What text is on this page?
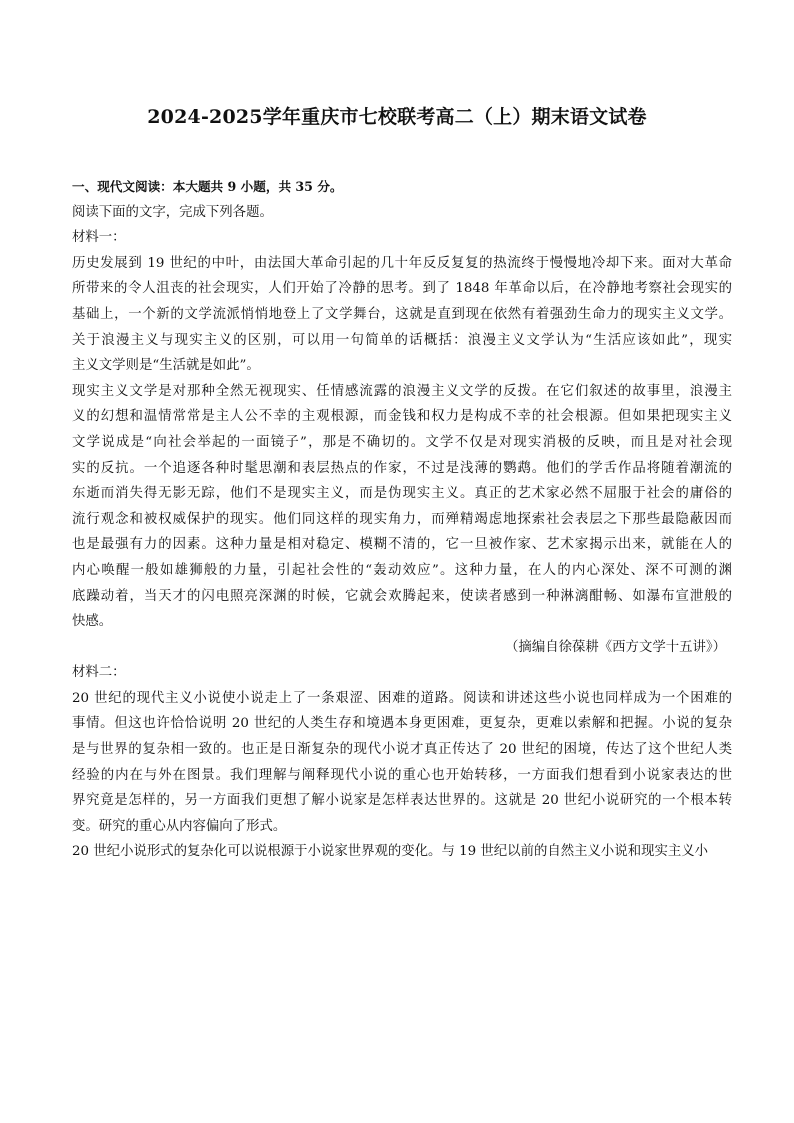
2024-2025学年重庆市七校联考高二（上）期末语文试卷
一、现代文阅读：本大题共 9 小题，共 35 分。
阅读下面的文字，完成下列各题。
材料一：
历史发展到 19 世纪的中叶，由法国大革命引起的几十年反反复复的热流终于慢慢地冷却下来。面对大革命
所带来的令人沮丧的社会现实，人们开始了冷静的思考。到了 1848 年革命以后，在冷静地考察社会现实的
基础上，一个新的文学流派悄悄地登上了文学舞台，这就是直到现在依然有着强劲生命力的现实主义文学。
关于浪漫主义与现实主义的区别，可以用一句简单的话概括：浪漫主义文学认为“生活应该如此”，现实
主义文学则是“生活就是如此”。
现实主义文学是对那种全然无视现实、任情感流露的浪漫主义文学的反拨。在它们叙述的故事里，浪漫主
义的幻想和温情常常是主人公不幸的主观根源，而金钱和权力是构成不幸的社会根源。但如果把现实主义
文学说成是“向社会举起的一面镜子”，那是不确切的。文学不仅是对现实消极的反映，而且是对社会现
实的反抗。一个追逐各种时髦思潮和表层热点的作家，不过是浅薄的鹦鹉。他们的学舌作品将随着潮流的
东逝而消失得无影无踪，他们不是现实主义，而是伪现实主义。真正的艺术家必然不屈服于社会的庸俗的
流行观念和被权威保护的现实。他们同这样的现实角力，而殚精竭虑地探索社会表层之下那些最隐蔽因而
也是最强有力的因素。这种力量是相对稳定、模糊不清的，它一旦被作家、艺术家揭示出来，就能在人的
内心唤醒一般如雄狮般的力量，引起社会性的“轰动效应”。这种力量，在人的内心深处、深不可测的渊
底躁动着，当天才的闪电照亮深渊的时候，它就会欢腾起来，使读者感到一种淋漓酣畅、如瀑布宣泄般的
快感。
（摘编自徐葆耕《西方文学十五讲》）
材料二：
20 世纪的现代主义小说使小说走上了一条艰涩、困难的道路。阅读和讲述这些小说也同样成为一个困难的
事情。但这也许恰恰说明 20 世纪的人类生存和境遇本身更困难，更复杂，更难以索解和把握。小说的复杂
是与世界的复杂相一致的。也正是日渐复杂的现代小说才真正传达了 20 世纪的困境，传达了这个世纪人类
经验的内在与外在图景。我们理解与阐释现代小说的重心也开始转移，一方面我们想看到小说家表达的世
界究竟是怎样的，另一方面我们更想了解小说家是怎样表达世界的。这就是 20 世纪小说研究的一个根本转
变。研究的重心从内容偏向了形式。
20 世纪小说形式的复杂化可以说根源于小说家世界观的变化。与 19 世纪以前的自然主义小说和现实主义小
